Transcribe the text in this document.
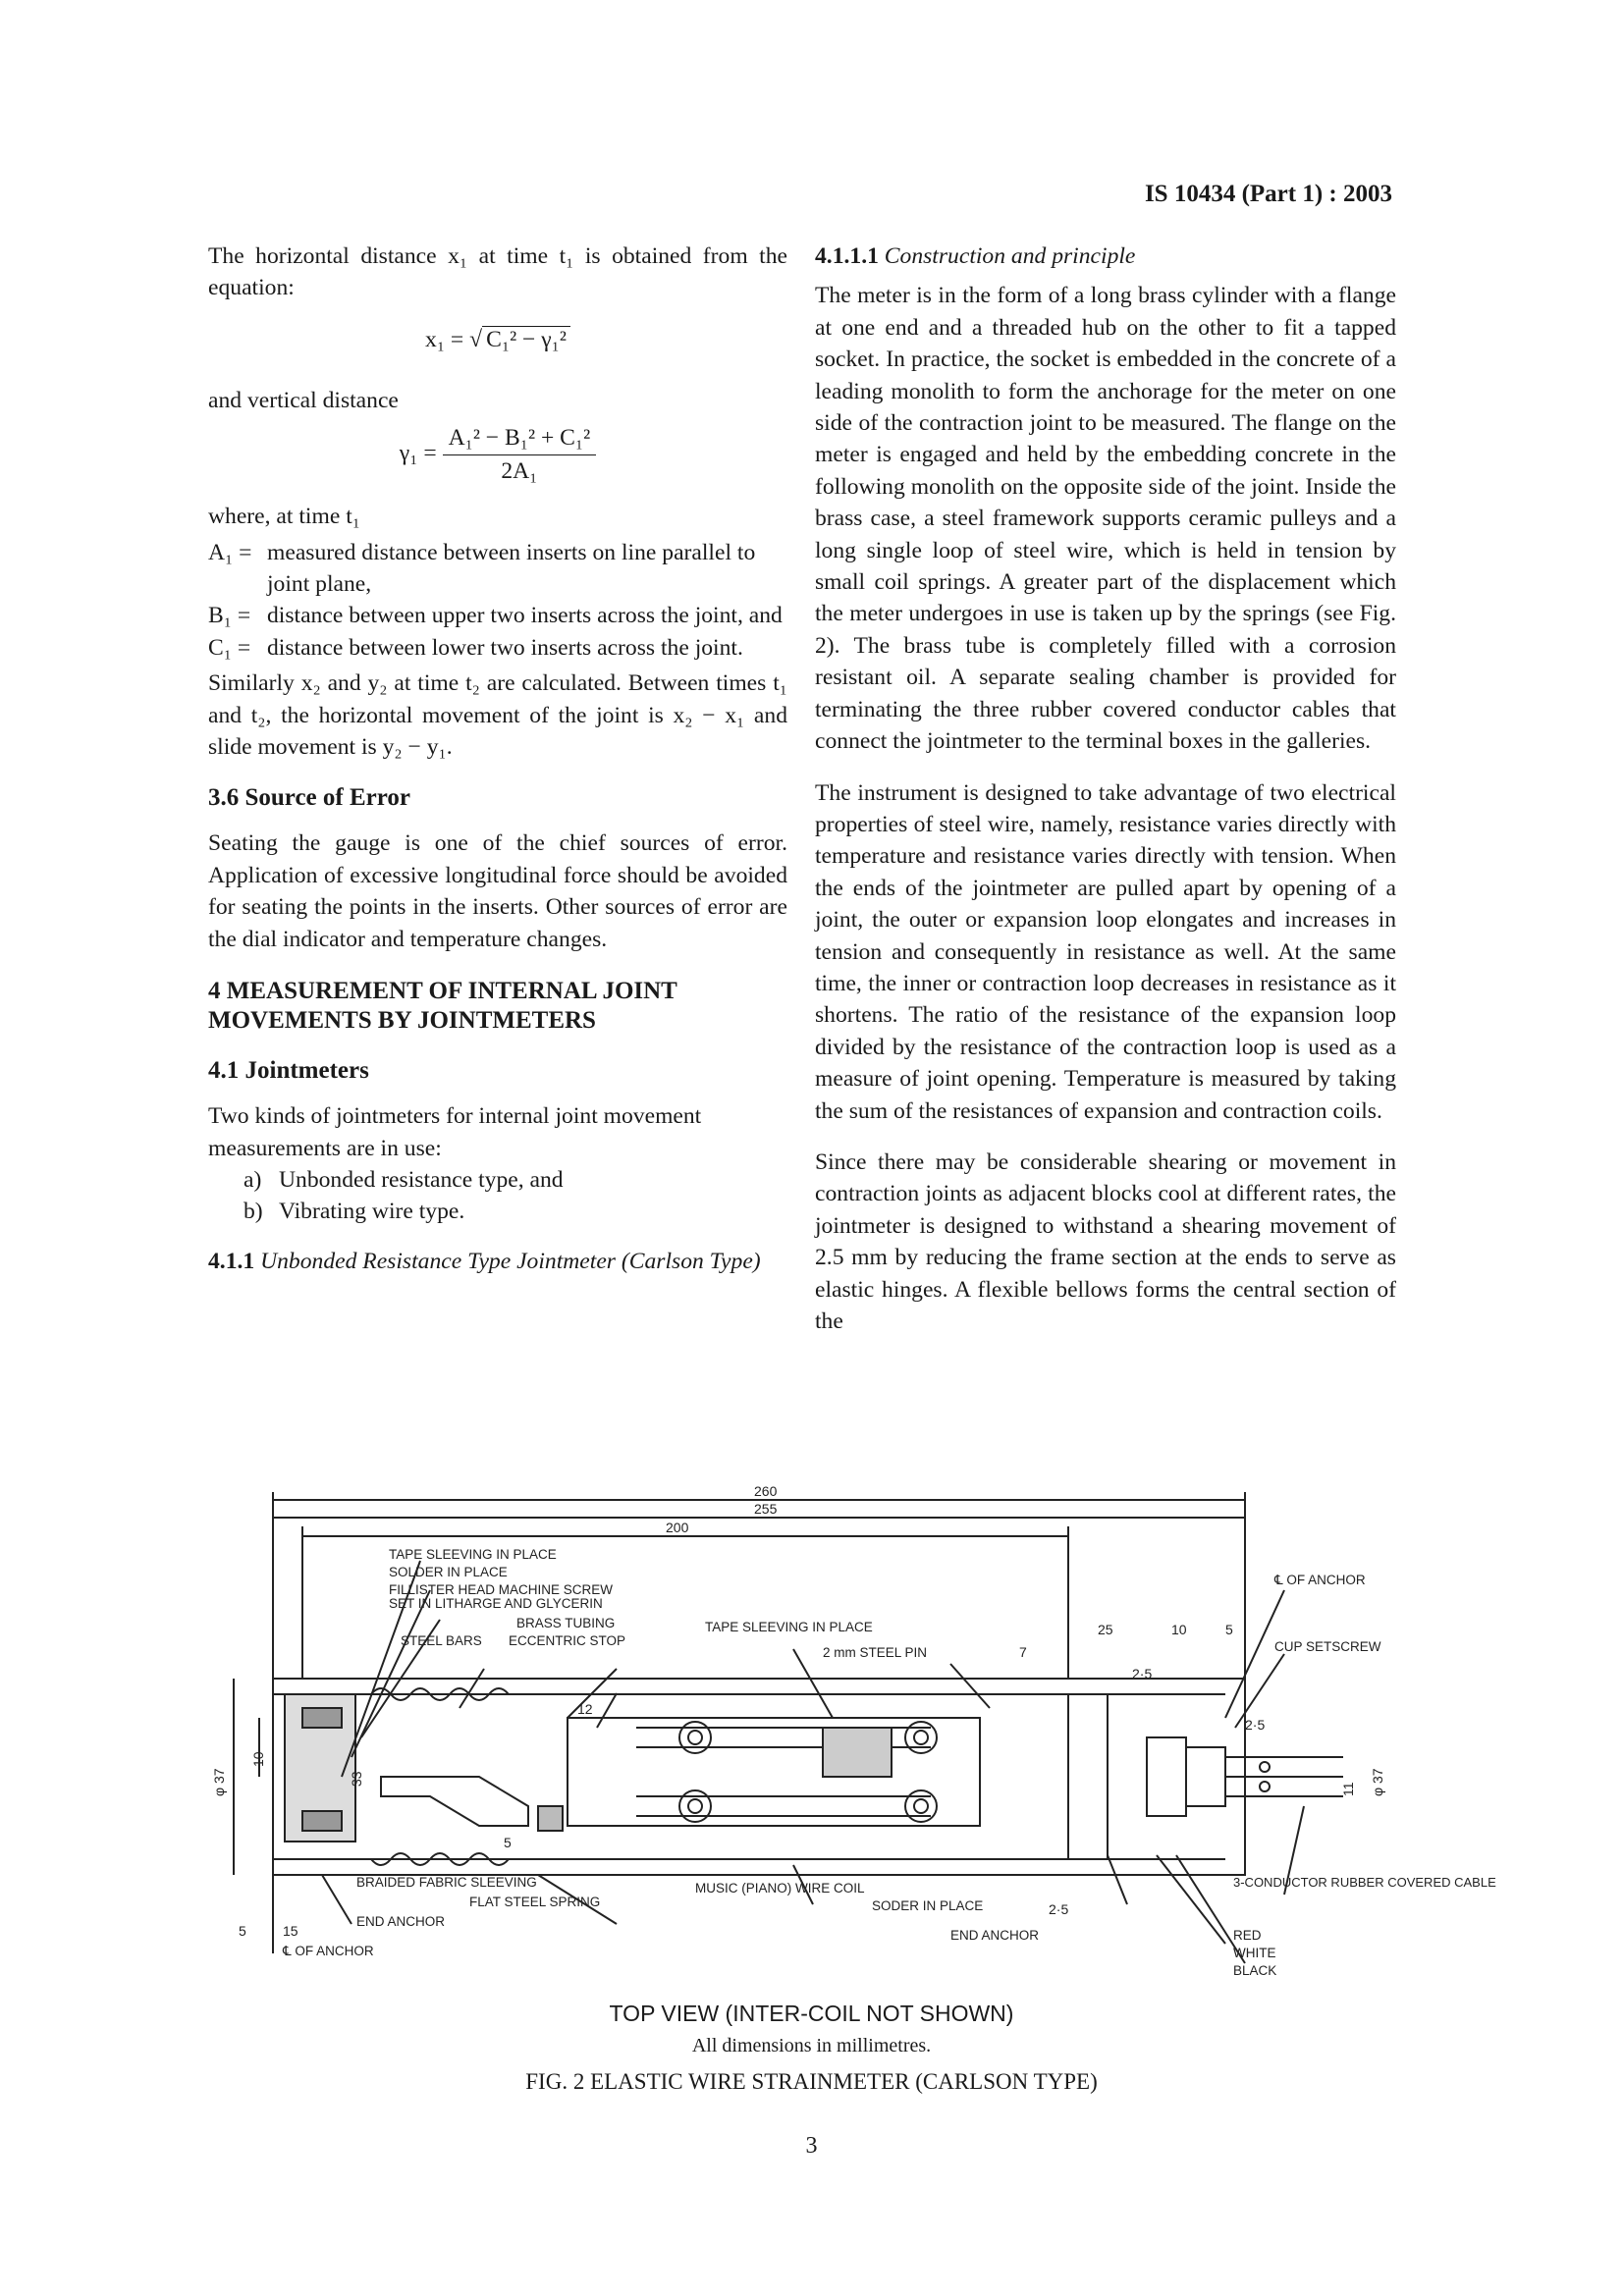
IS 10434 (Part 1) : 2003

The horizontal distance x₁ at time t₁ is obtained from the equation:

x₁ = √ C₁² − γ₁²

and vertical distance

$\gamma_1 = \frac{\text{A₁² − B₁² + C₁²}}{\text{2A₁}}$

where, at time t₁

A₁ = measured distance between inserts on line parallel to joint plane,
B₁ = distance between upper two inserts across the joint, and
C₁ = distance between lower two inserts across the joint.

Similarly x₂ and y₂ at time t₂ are calculated. Between times t₁ and t₂, the horizontal movement of the joint is x₂ − x₁ and slide movement is y₂ − y₁.

3.6 Source of Error

Seating the gauge is one of the chief sources of error. Application of excessive longitudinal force should be avoided for seating the points in the inserts. Other sources of error are the dial indicator and temperature changes.

4 MEASUREMENT OF INTERNAL JOINT MOVEMENTS BY JOINTMETERS
4.1 Jointmeters

Two kinds of jointmeters for internal joint movement measurements are in use:

a) Unbonded resistance type, and
b) Vibrating wire type.

4.1.1 Unbonded Resistance Type Jointmeter (Carlson Type)

4.1.1.1 Construction and principle

The meter is in the form of a long brass cylinder with a flange at one end and a threaded hub on the other to fit a tapped socket. In practice, the socket is embedded in the concrete of a leading monolith to form the anchorage for the meter on one side of the contraction joint to be measured. The flange on the meter is engaged and held by the embedding concrete in the following monolith on the opposite side of the joint. Inside the brass case, a steel framework supports ceramic pulleys and a long single loop of steel wire, which is held in tension by small coil springs. A greater part of the displacement which the meter undergoes in use is taken up by the springs (see Fig. 2). The brass tube is completely filled with a corrosion resistant oil. A separate sealing chamber is provided for terminating the three rubber covered conductor cables that connect the jointmeter to the terminal boxes in the galleries.

The instrument is designed to take advantage of two electrical properties of steel wire, namely, resistance varies directly with temperature and resistance varies directly with tension. When the ends of the jointmeter are pulled apart by opening of a joint, the outer or expansion loop elongates and increases in tension and consequently in resistance as well. At the same time, the inner or contraction loop decreases in resistance as it shortens. The ratio of the resistance of the expansion loop divided by the resistance of the contraction loop is used as a measure of joint opening. Temperature is measured by taking the sum of the resistances of expansion and contraction coils.

Since there may be considerable shearing or movement in contraction joints as adjacent blocks cool at different rates, the jointmeter is designed to withstand a shearing movement of 2.5 mm by reducing the frame section at the ends to serve as elastic hinges. A flexible bellows forms the central section of the

260
255
200
25	10	5
7
2·5
2·5
2·5
φ 37	φ 37
10
11
33
12
5
15
5
TAPE SLEEVING IN PLACE
SOLDER IN PLACE
FILLISTER HEAD MACHINE SCREW
SET IN LITHARGE AND GLYCERIN
BRASS TUBING	TAPE SLEEVING IN PLACE
STEEL BARS ECCENTRIC STOP
2 mm STEEL PIN
℄ OF ANCHOR
CUP SETSCREW
BRAIDED FABRIC SLEEVING
FLAT STEEL SPRING
MUSIC (PIANO) WIRE COIL
SODER IN PLACE
END ANCHOR
END ANCHOR
℄ OF ANCHOR
3-CONDUCTOR RUBBER COVERED CABLE
RED
WHITE
BLACK
TOP VIEW (INTER-COIL NOT SHOWN)
All dimensions in millimetres.
FIG. 2 ELASTIC WIRE STRAINMETER (CARLSON TYPE)
3
